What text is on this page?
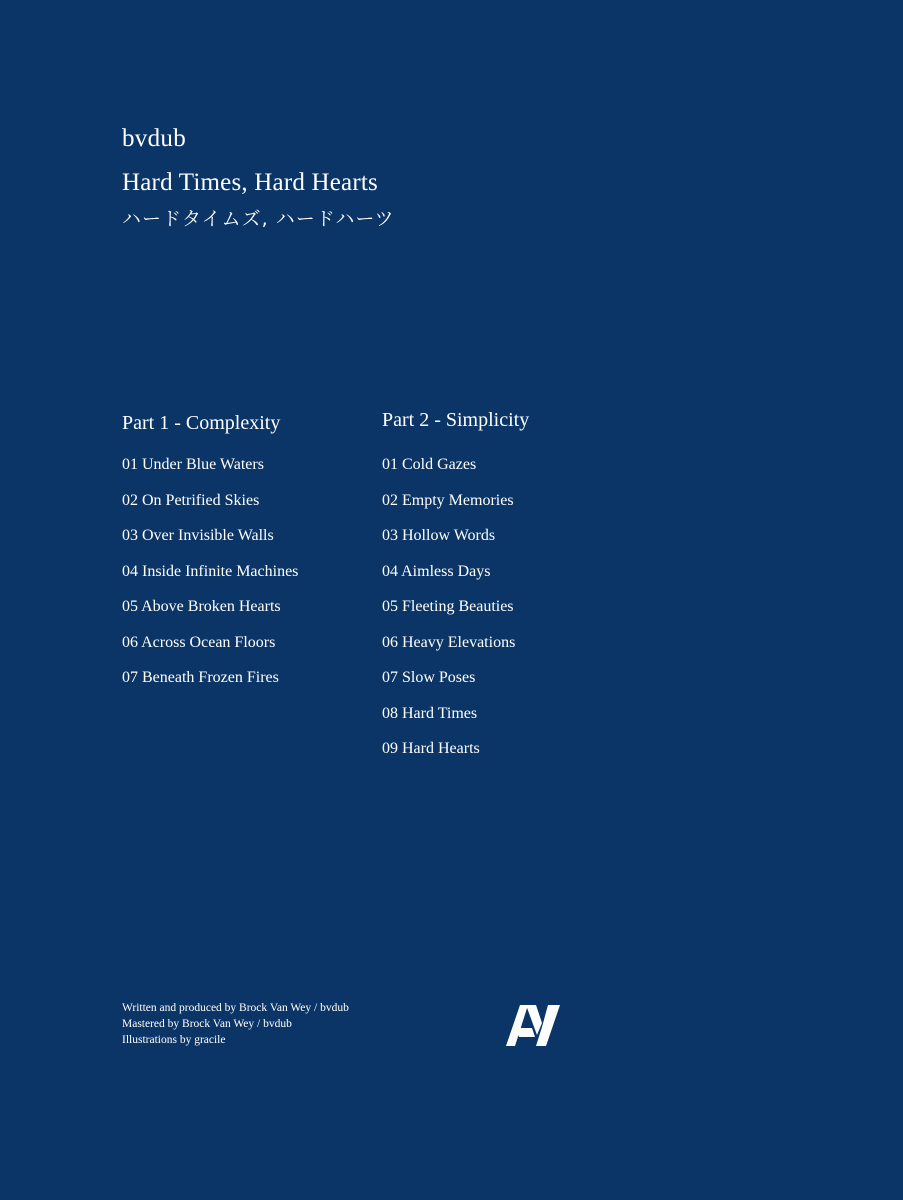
bvdub
Hard Times, Hard Hearts
ハードタイムズ, ハードハーツ
Part 1 - Complexity
01 Under Blue Waters
02 On Petrified Skies
03 Over Invisible Walls
04 Inside Infinite Machines
05 Above Broken Hearts
06 Across Ocean Floors
07 Beneath Frozen Fires
Part 2 - Simplicity
01 Cold Gazes
02 Empty Memories
03 Hollow Words
04 Aimless Days
05 Fleeting Beauties
06 Heavy Elevations
07 Slow Poses
08 Hard Times
09 Hard Hearts
Written and produced by Brock Van Wey / bvdub
Mastered by Brock Van Wey / bvdub
Illustrations by gracile
